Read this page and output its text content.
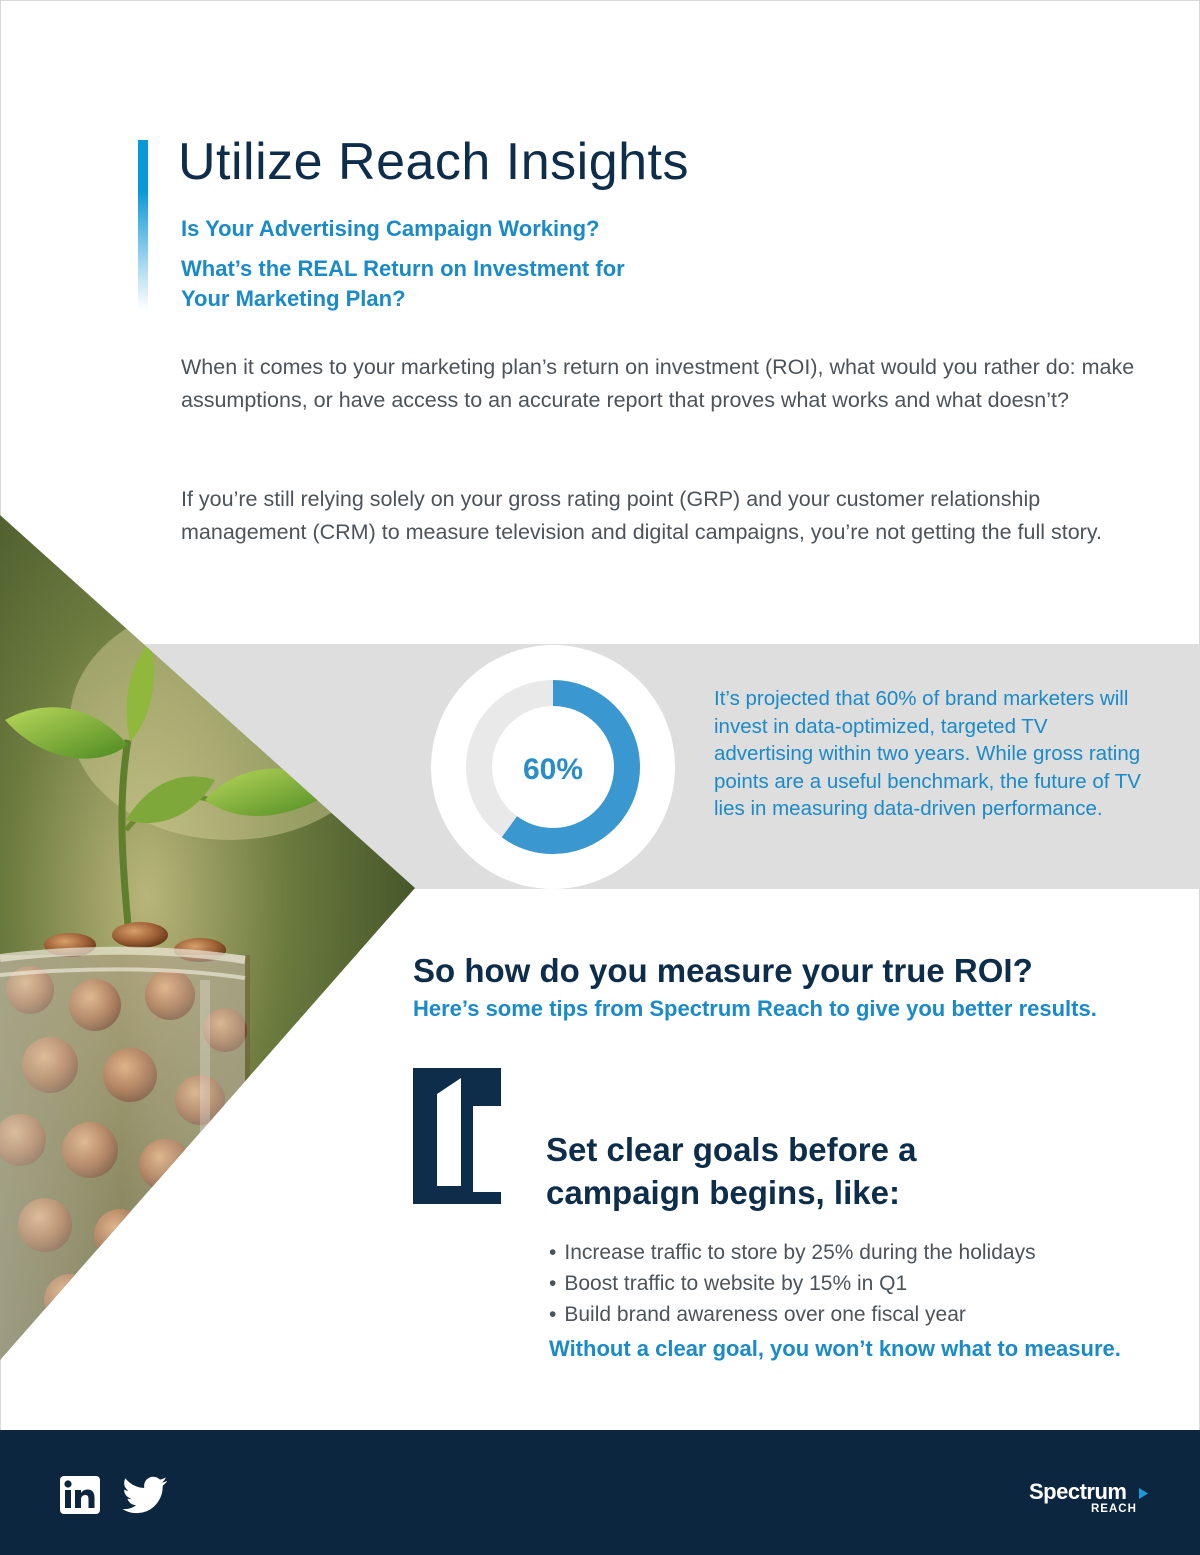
Utilize Reach Insights

Is Your Advertising Campaign Working?

What’s the REAL Return on Investment for Your Marketing Plan?

When it comes to your marketing plan’s return on investment (ROI), what would you rather do: make assumptions, or have access to an accurate report that proves what works and what doesn’t?

If you’re still relying solely on your gross rating point (GRP) and your customer relationship management (CRM) to measure television and digital campaigns, you’re not getting the full story.

60%

It’s projected that 60% of brand marketers will invest in data-optimized, targeted TV advertising within two years. While gross rating points are a useful benchmark, the future of TV lies in measuring data-driven performance.

So how do you measure your true ROI?

Here’s some tips from Spectrum Reach to give you better results.

Set clear goals before a campaign begins, like:
• Increase traffic to store by 25% during the holidays
• Boost traffic to website by 15% in Q1
• Build brand awareness over one fiscal year

Without a clear goal, you won’t know what to measure.

Spectrum

REACH
